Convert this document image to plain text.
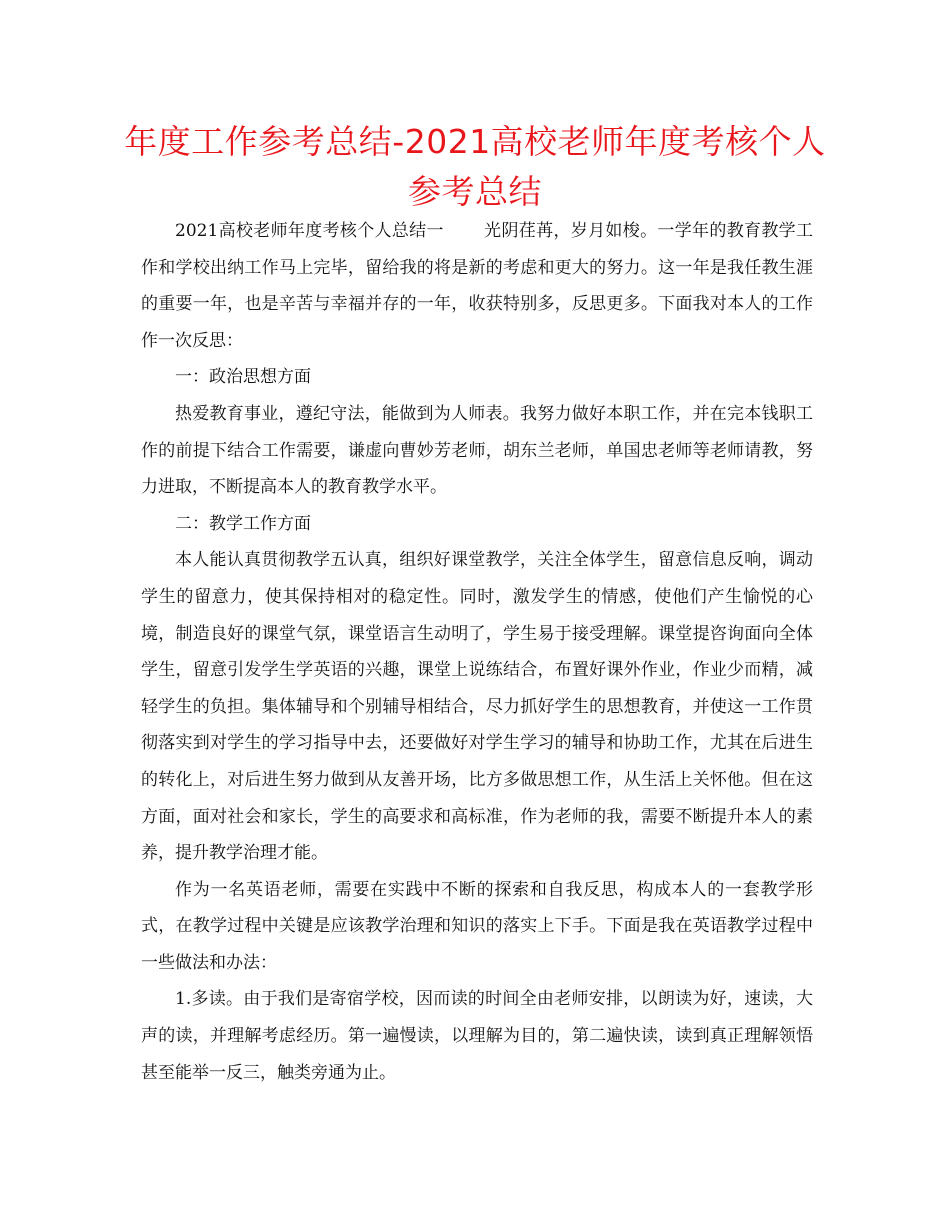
年度工作参考总结-2021高校老师年度考核个人参考总结

2021高校老师年度考核个人总结一 光阴荏苒，岁月如梭。一学年的教育教学工作和学校出纳工作马上完毕，留给我的将是新的考虑和更大的努力。这一年是我任教生涯的重要一年，也是辛苦与幸福并存的一年，收获特别多，反思更多。下面我对本人的工作作一次反思：

一：政治思想方面

热爱教育事业，遵纪守法，能做到为人师表。我努力做好本职工作，并在完本钱职工作的前提下结合工作需要，谦虚向曹妙芳老师，胡东兰老师，单国忠老师等老师请教，努力进取，不断提高本人的教育教学水平。

二：教学工作方面

本人能认真贯彻教学五认真，组织好课堂教学，关注全体学生，留意信息反响，调动学生的留意力，使其保持相对的稳定性。同时，激发学生的情感，使他们产生愉悦的心境，制造良好的课堂气氛，课堂语言生动明了，学生易于接受理解。课堂提咨询面向全体学生，留意引发学生学英语的兴趣，课堂上说练结合，布置好课外作业，作业少而精，减轻学生的负担。集体辅导和个别辅导相结合，尽力抓好学生的思想教育，并使这一工作贯彻落实到对学生的学习指导中去，还要做好对学生学习的辅导和协助工作，尤其在后进生的转化上，对后进生努力做到从友善开场，比方多做思想工作，从生活上关怀他。但在这方面，面对社会和家长，学生的高要求和高标准，作为老师的我，需要不断提升本人的素养，提升教学治理才能。

作为一名英语老师，需要在实践中不断的探索和自我反思，构成本人的一套教学形式，在教学过程中关键是应该教学治理和知识的落实上下手。下面是我在英语教学过程中一些做法和办法：

1.多读。由于我们是寄宿学校，因而读的时间全由老师安排，以朗读为好，速读，大声的读，并理解考虑经历。第一遍慢读，以理解为目的，第二遍快读，读到真正理解领悟甚至能举一反三，触类旁通为止。
